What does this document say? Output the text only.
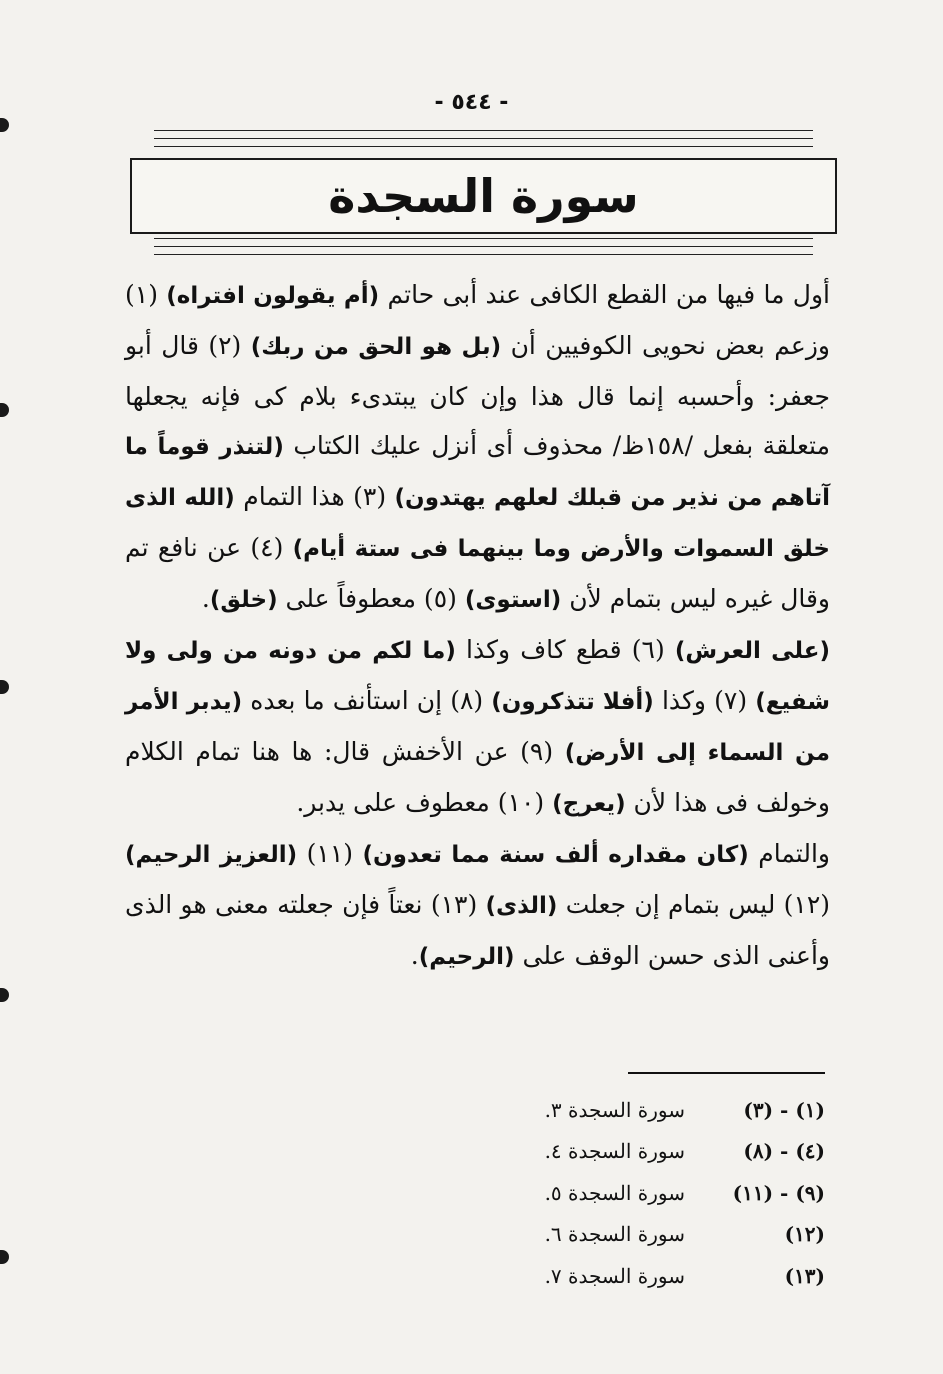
- ٥٤٤ -
سورة السجدة

أول ما فيها من القطع الكافى عند أبى حاتم (أم يقولون افتراه) (١) وزعم بعض نحويى الكوفيين أن (بل هو الحق من ربك) (٢) قال أبو جعفر: وأحسبه إنما قال هذا وإن كان يبتدىء بلام كى فإنه يجعلها متعلقة بفعل /١٥٨ظ/ محذوف أى أنزل عليك الكتاب (لتنذر قوماً ما آتاهم من نذير من قبلك لعلهم يهتدون) (٣) هذا التمام (الله الذى خلق السموات والأرض وما بينهما فى ستة أيام) (٤) عن نافع تم وقال غيره ليس بتمام لأن (استوى) (٥) معطوفاً على (خلق).

(على العرش) (٦) قطع كاف وكذا (ما لكم من دونه من ولى ولا شفيع) (٧) وكذا (أفلا تتذكرون) (٨) إن استأنف ما بعده (يدبر الأمر من السماء إلى الأرض) (٩) عن الأخفش قال: ها هنا تمام الكلام وخولف فى هذا لأن (يعرج) (١٠) معطوف على يدبر.

والتمام (كان مقداره ألف سنة مما تعدون) (١١) (العزيز الرحيم) (١٢) ليس بتمام إن جعلت (الذى) (١٣) نعتاً فإن جعلته معنى هو الذى وأعنى الذى حسن الوقف على (الرحيم).

(١) - (٣)
سورة السجدة ٣.
(٤) - (٨)
سورة السجدة ٤.
(٩) - (١١)
سورة السجدة ٥.
(١٢)
سورة السجدة ٦.
(١٣)
سورة السجدة ٧.
